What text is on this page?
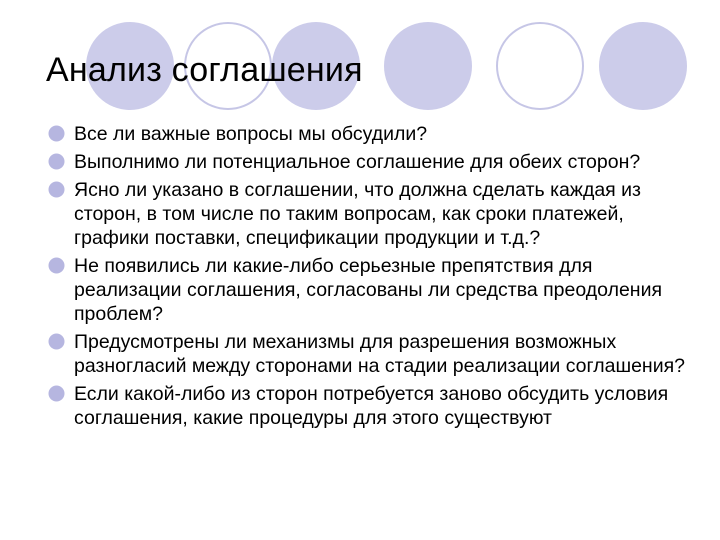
Анализ соглашения
Все ли важные вопросы мы обсудили?
Выполнимо ли потенциальное соглашение для обеих сторон?
Ясно ли указано в соглашении, что должна сделать каждая из сторон, в том числе по таким вопросам, как сроки платежей, графики поставки, спецификации продукции и т.д.?
Не появились ли какие-либо серьезные препятствия для реализации соглашения, согласованы ли средства преодоления проблем?
Предусмотрены ли механизмы для разрешения возможных разногласий между сторонами на стадии реализации соглашения?
Если какой-либо из сторон потребуется заново обсудить условия соглашения, какие процедуры для этого существуют
